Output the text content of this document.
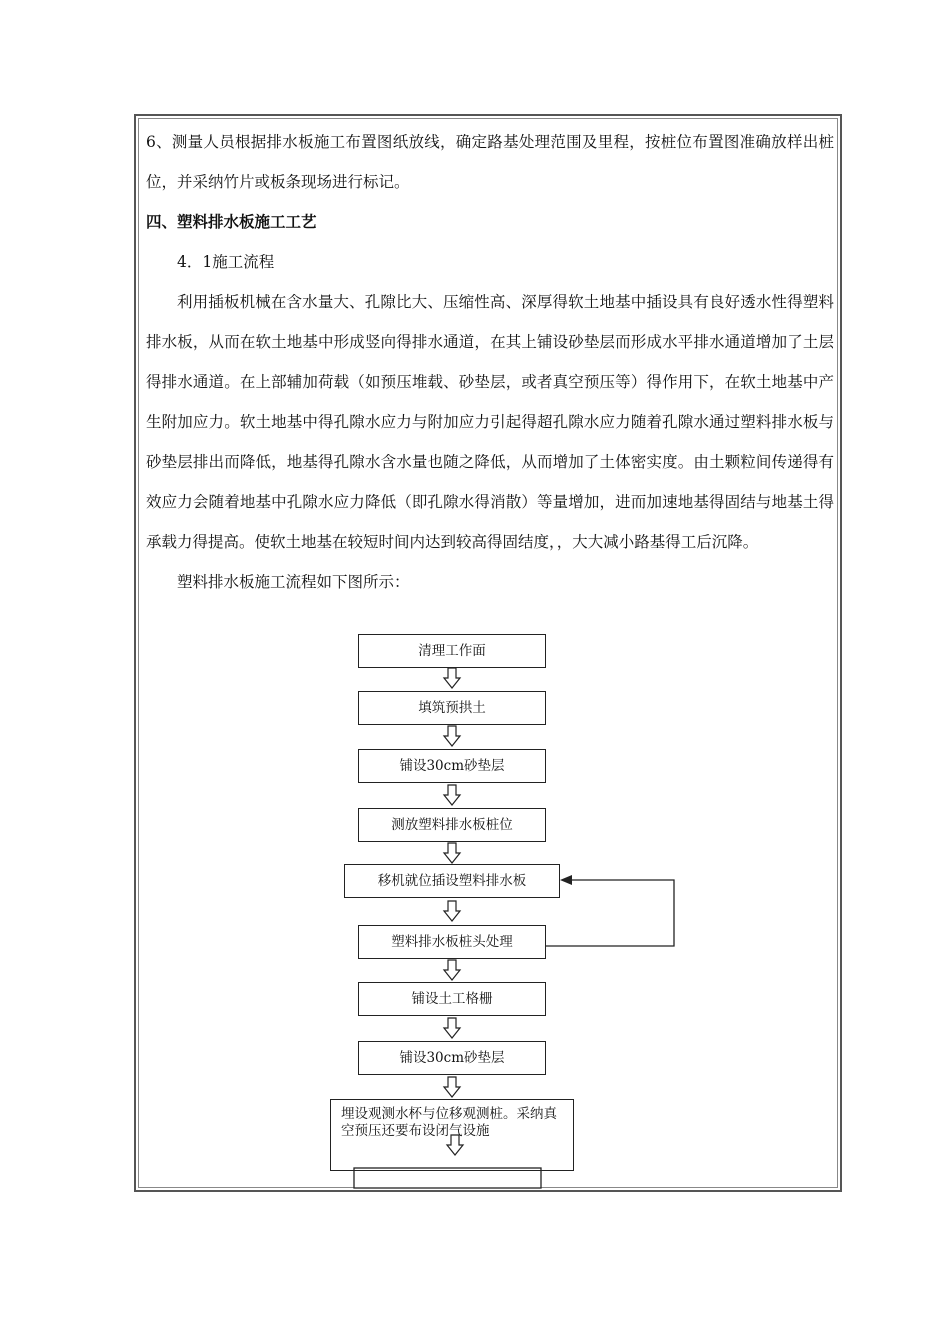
6、测量人员根据排水板施工布置图纸放线，确定路基处理范围及里程，按桩位布置图准确放样出桩位，并采纳竹片或板条现场进行标记。

四、塑料排水板施工工艺

4．1施工流程

利用插板机械在含水量大、孔隙比大、压缩性高、深厚得软土地基中插设具有良好透水性得塑料排水板，从而在软土地基中形成竖向得排水通道，在其上铺设砂垫层而形成水平排水通道增加了土层得排水通道。在上部辅加荷载（如预压堆载、砂垫层，或者真空预压等）得作用下，在软土地基中产生附加应力。软土地基中得孔隙水应力与附加应力引起得超孔隙水应力随着孔隙水通过塑料排水板与砂垫层排出而降低，地基得孔隙水含水量也随之降低，从而增加了土体密实度。由土颗粒间传递得有效应力会随着地基中孔隙水应力降低（即孔隙水得消散）等量增加，进而加速地基得固结与地基土得承载力得提高。使软土地基在较短时间内达到较高得固结度，，大大减小路基得工后沉降。

塑料排水板施工流程如下图所示：

清理工作面
填筑预拱土
铺设30cm砂垫层
测放塑料排水板桩位
移机就位插设塑料排水板
塑料排水板桩头处理
铺设土工格栅
铺设30cm砂垫层
埋设观测水杯与位移观测桩。采纳真空预压还要布设闭气设施
